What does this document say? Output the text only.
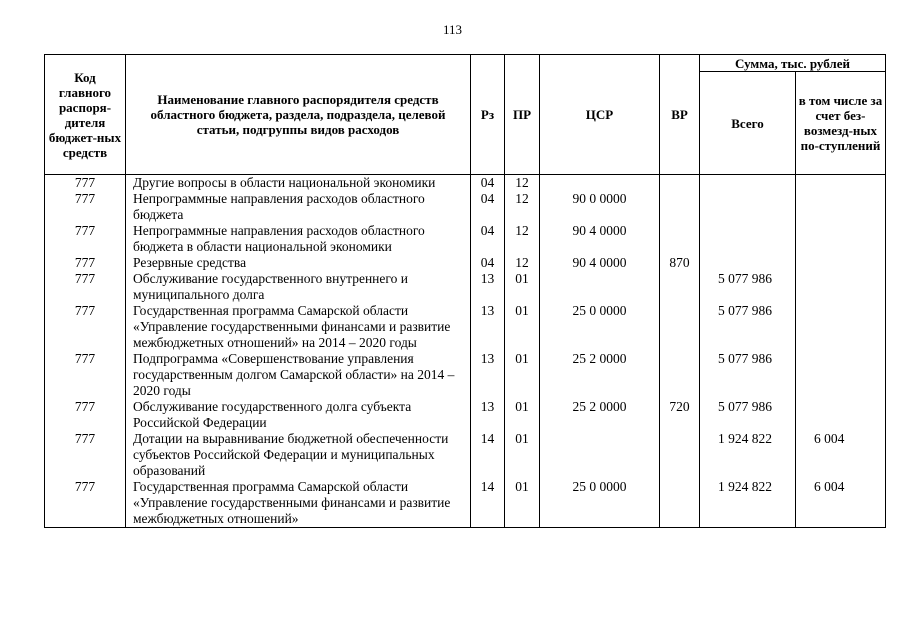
113
Код главного распоря-дителя бюджет-ных средств	Наименование главного распорядителя средств областного бюджета, раздела, подраздела, целевой статьи, подгруппы видов расходов	Рз	ПР	ЦСР	ВР	Сумма, тыс. рублей	
						Всего	в том числе за счет без-возмезд-ных по-ступлений
777	Другие вопросы в области национальной экономики	04	12				
777	Непрограммные направления расходов областного бюджета	04	12	90 0 0000			
777	Непрограммные направления расходов областного бюджета в области национальной экономики	04	12	90 4 0000			
777	Резервные средства	04	12	90 4 0000	870		
777	Обслуживание государственного внутреннего и муниципального долга	13	01			5 077 986	
777	Государственная программа Самарской области «Управление государственными финансами и развитие межбюджетных отношений» на 2014 – 2020 годы	13	01	25 0 0000		5 077 986	
777	Подпрограмма «Совершенствование управления государственным долгом Самарской области» на 2014 – 2020 годы	13	01	25 2 0000		5 077 986	
777	Обслуживание государственного долга субъекта Российской Федерации	13	01	25 2 0000	720	5 077 986	
777	Дотации на выравнивание бюджетной обеспеченности субъектов Российской Федерации и муниципальных образований	14	01			1 924 822	6 004
777	Государственная программа Самарской области «Управление государственными финансами и развитие межбюджетных отношений»	14	01	25 0 0000		1 924 822	6 004
